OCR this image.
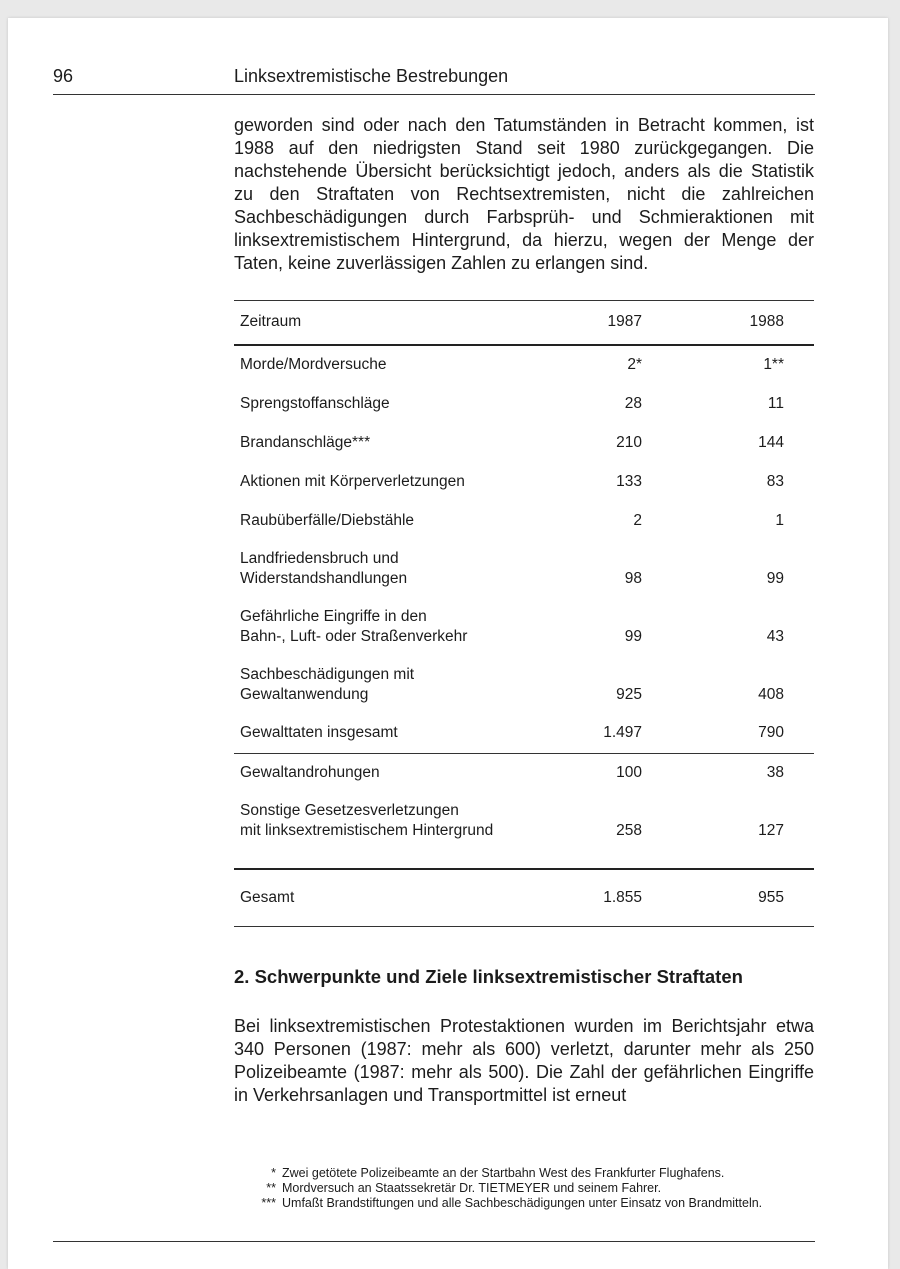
96	Linksextremistische Bestrebungen

geworden sind oder nach den Tatumständen in Betracht kommen, ist 1988 auf den niedrigsten Stand seit 1980 zurückgegangen. Die nachstehende Übersicht berücksichtigt jedoch, anders als die Statistik zu den Straftaten von Rechtsextremisten, nicht die zahlreichen Sachbeschädigungen durch Farbsprüh- und Schmieraktionen mit linksextremistischem Hintergrund, da hierzu, wegen der Menge der Taten, keine zuverlässigen Zahlen zu erlangen sind.

Zeitraum	1987	1988
Morde/Mordversuche	2*	1**
Sprengstoffanschläge	28	11
Brandanschläge***	210	144
Aktionen mit Körperverletzungen	133	83
Raubüberfälle/Diebstähle	2	1

Landfriedensbruch und
Widerstandshandlungen	98	99

Gefährliche Eingriffe in den
Bahn-, Luft- oder Straßenverkehr	99	43

Sachbeschädigungen mit
Gewaltanwendung	925	408
Gewalttaten insgesamt	1.497	790
Gewaltandrohungen	100	38

Sonstige Gesetzesverletzungen
mit linksextremistischem Hintergrund	258	127

Gesamt	1.855	955
2. Schwerpunkte und Ziele linksextremistischer Straftaten

Bei linksextremistischen Protestaktionen wurden im Berichtsjahr etwa 340 Personen (1987: mehr als 600) verletzt, darunter mehr als 250 Polizeibeamte (1987: mehr als 500). Die Zahl der gefährlichen Eingriffe in Verkehrsanlagen und Transportmittel ist erneut

* Zwei getötete Polizeibeamte an der Startbahn West des Frankfurter Flughafens.
** Mordversuch an Staatssekretär Dr. TIETMEYER und seinem Fahrer.
*** Umfaßt Brandstiftungen und alle Sachbeschädigungen unter Einsatz von Brandmitteln.
